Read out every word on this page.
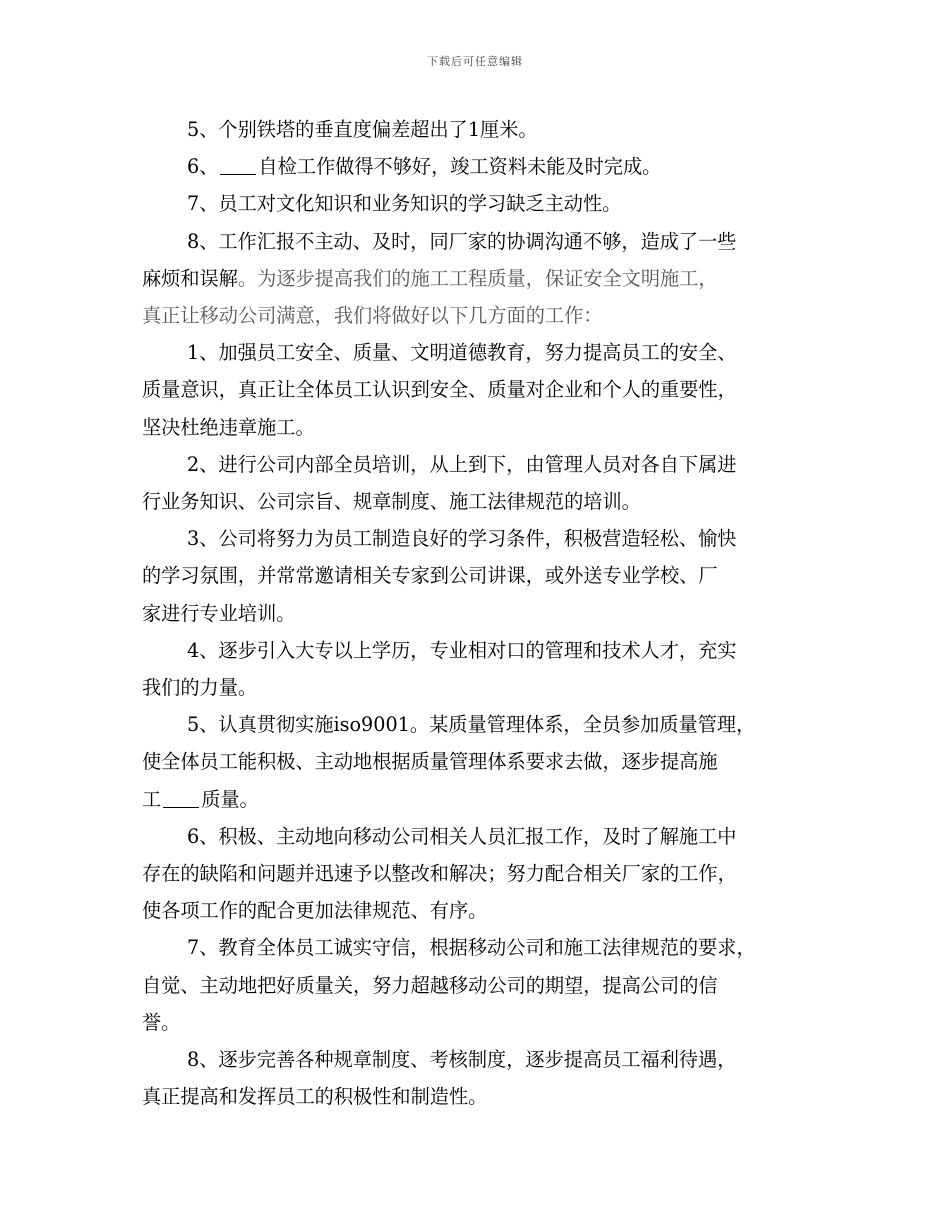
下载后可任意编辑

5、个别铁塔的垂直度偏差超出了1厘米。

6、 自检工作做得不够好，竣工资料未能及时完成。

7、员工对文化知识和业务知识的学习缺乏主动性。

8、工作汇报不主动、及时，同厂家的协调沟通不够，造成了一些
麻烦和误解。为逐步提高我们的施工工程质量，保证安全文明施工，
真正让移动公司满意，我们将做好以下几方面的工作：

1、加强员工安全、质量、文明道德教育，努力提高员工的安全、
质量意识，真正让全体员工认识到安全、质量对企业和个人的重要性，
坚决杜绝违章施工。

2、进行公司内部全员培训，从上到下，由管理人员对各自下属进
行业务知识、公司宗旨、规章制度、施工法律规范的培训。

3、公司将努力为员工制造良好的学习条件，积极营造轻松、愉快
的学习氛围，并常常邀请相关专家到公司讲课，或外送专业学校、厂
家进行专业培训。

4、逐步引入大专以上学历，专业相对口的管理和技术人才，充实
我们的力量。

5、认真贯彻实施iso9001。某质量管理体系，全员参加质量管理，
使全体员工能积极、主动地根据质量管理体系要求去做，逐步提高施
工 质量。

6、积极、主动地向移动公司相关人员汇报工作，及时了解施工中
存在的缺陷和问题并迅速予以整改和解决；努力配合相关厂家的工作，
使各项工作的配合更加法律规范、有序。

7、教育全体员工诚实守信，根据移动公司和施工法律规范的要求，
自觉、主动地把好质量关，努力超越移动公司的期望，提高公司的信
誉。

8、逐步完善各种规章制度、考核制度，逐步提高员工福利待遇，
真正提高和发挥员工的积极性和制造性。
